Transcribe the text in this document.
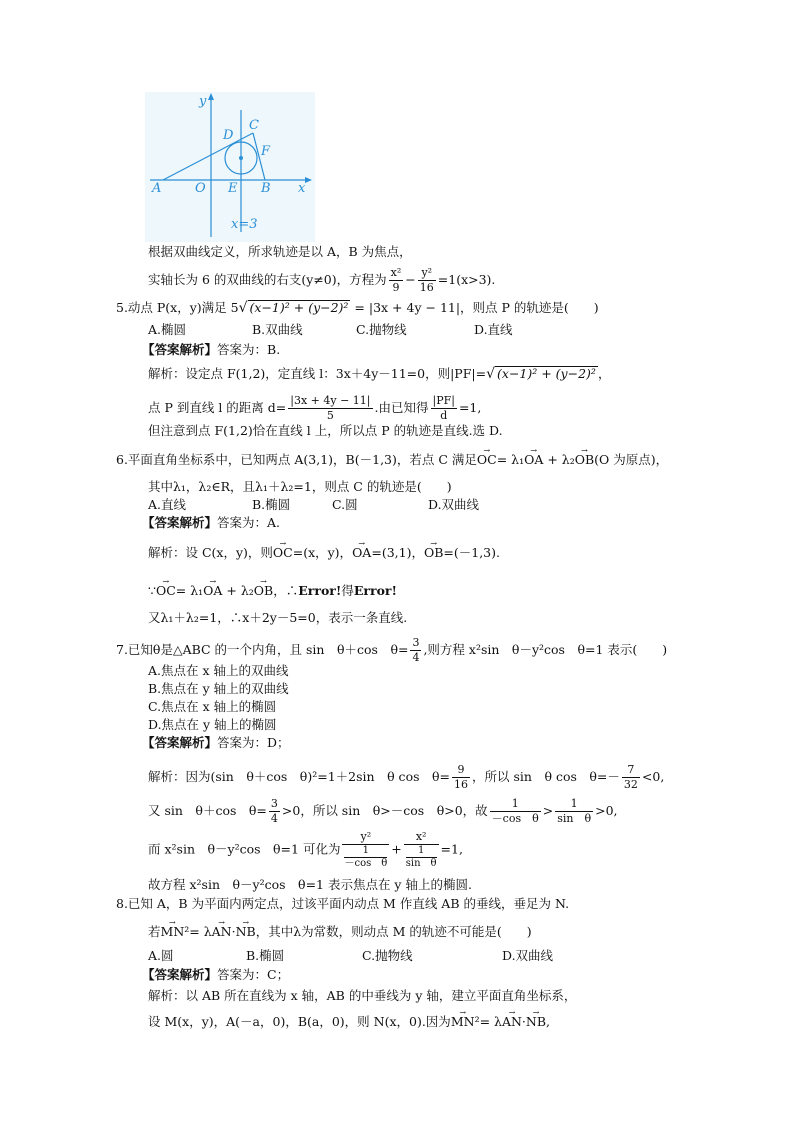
y
x
A	O E B
D
C
F
x=3
根据双曲线定义，所求轨迹是以 A，B 为焦点，
实轴长为 6 的双曲线的右支(y≠0)，方程为 $\frac{\text{x²}}{9} - \frac{\text{y²}}{16} =1(x>3)$.
5.动点 P(x，y)满足 5√ (x−1)² + (y−2)² = |3x + 4y − 11|，则点 P 的轨迹是(　　)
A.椭圆	B.双曲线	C.抛物线	D.直线
【答案解析】答案为：B.
解析：设定点 F(1,2)，定直线 l：3x＋4y－11=0，则|PF|=√ (x−1)² + (y−2)² ，
点 P 到直线 l 的距离 $d= \frac{|3x + 4y - 11|}{5}$ .由已知得 $\frac{|PF|}{d} =1$,
但注意到点 F(1,2)恰在直线 l 上，所以点 P 的轨迹是直线.选 D.
6.平面直角坐标系中，已知两点 A(3,1)，B(－1,3)，若点 C 满足→ OC= λ₁→ OA + λ₂→ OB(O 为原点)，
其中λ₁，λ₂∈R，且λ₁＋λ₂=1，则点 C 的轨迹是(　　)
A.直线	B.椭圆	C.圆	D.双曲线
【答案解析】答案为：A.
解析：设 C(x，y)，则→ OC=(x，y)，→ OA=(3,1)，→ OB=(－1,3).
∵→ OC= λ₁→ OA + λ₂→ OB，∴Error!得Error!
又λ₁＋λ₂=1，∴x＋2y－5=0，表示一条直线.
7.已知θ是△ABC 的一个内角，且 sin　θ＋cos　$\theta= \frac{3}{4}$ ,则方程 x²sin　θ－y²cos　θ=1 表示(　　)
A.焦点在 x 轴上的双曲线
B.焦点在 y 轴上的双曲线
C.焦点在 x 轴上的椭圆
D.焦点在 y 轴上的椭圆
【答案解析】答案为：D；
解析：因为(sin　θ＋cos　θ)²=1＋2sin　θ cos　$\theta= \frac{9}{16}$ ，所以 sin　θ cos　$\theta=- \frac{7}{32} <0$,
又 sin　θ＋cos　$\theta= \frac{3}{4} >0$，所以 sin　θ>－cos　θ>0，故 $\frac{1}{\text{－cos　θ}} > \frac{1}{\text{sin　θ}} >0$,
而 x²sin　θ－y²cos　θ=1 可化为 y²
1
－cos　θ + x²
1
sin　θ =1,
故方程 x²sin　θ－y²cos　θ=1 表示焦点在 y 轴上的椭圆.
8.已知 A，B 为平面内两定点，过该平面内动点 M 作直线 AB 的垂线，垂足为 N.
若→ MN²= λ→ AN·→ NB，其中λ为常数，则动点 M 的轨迹不可能是(　　)
A.圆	B.椭圆	C.抛物线	D.双曲线
【答案解析】答案为：C；
解析：以 AB 所在直线为 x 轴，AB 的中垂线为 y 轴，建立平面直角坐标系，
设 M(x，y)，A(－a，0)，B(a，0)，则 N(x，0).因为→ MN²= λ→ AN·→ NB,
